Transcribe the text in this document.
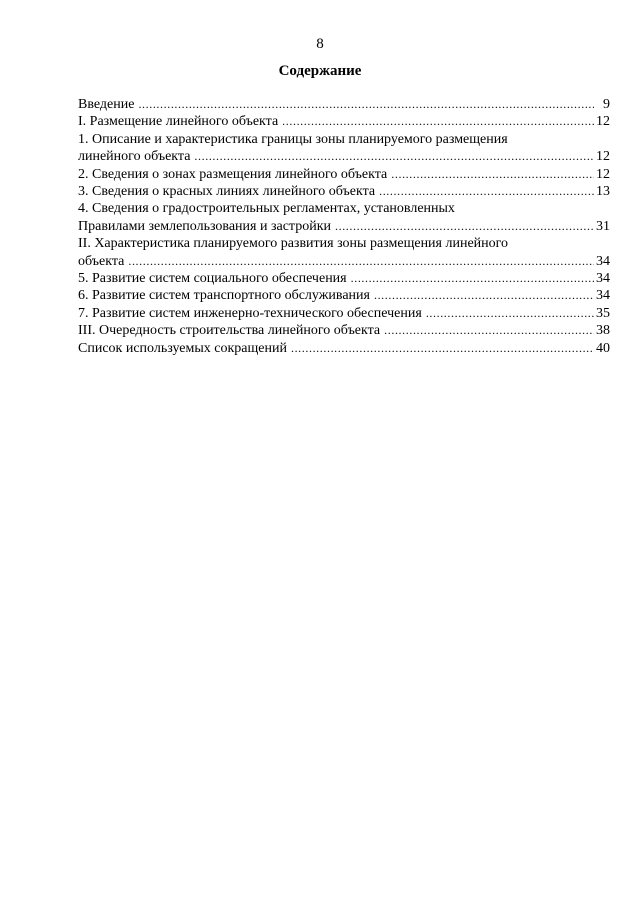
8
Содержание
Введение .....	9
I. Размещение линейного объекта .....	12
1. Описание и характеристика границы зоны планируемого размещения
линейного объекта .....	12
2. Сведения о зонах размещения линейного объекта .....	12
3. Сведения о красных линиях линейного объекта .....	13
4. Сведения о градостроительных регламентах, установленных
Правилами землепользования и застройки .....	31
II. Характеристика планируемого развития зоны размещения линейного
объекта .....	34
5. Развитие систем социального обеспечения .....	34
6. Развитие систем транспортного обслуживания .....	34
7. Развитие систем инженерно-технического обеспечения .....	35
III. Очередность строительства линейного объекта .....	38
Список используемых сокращений .....	40
